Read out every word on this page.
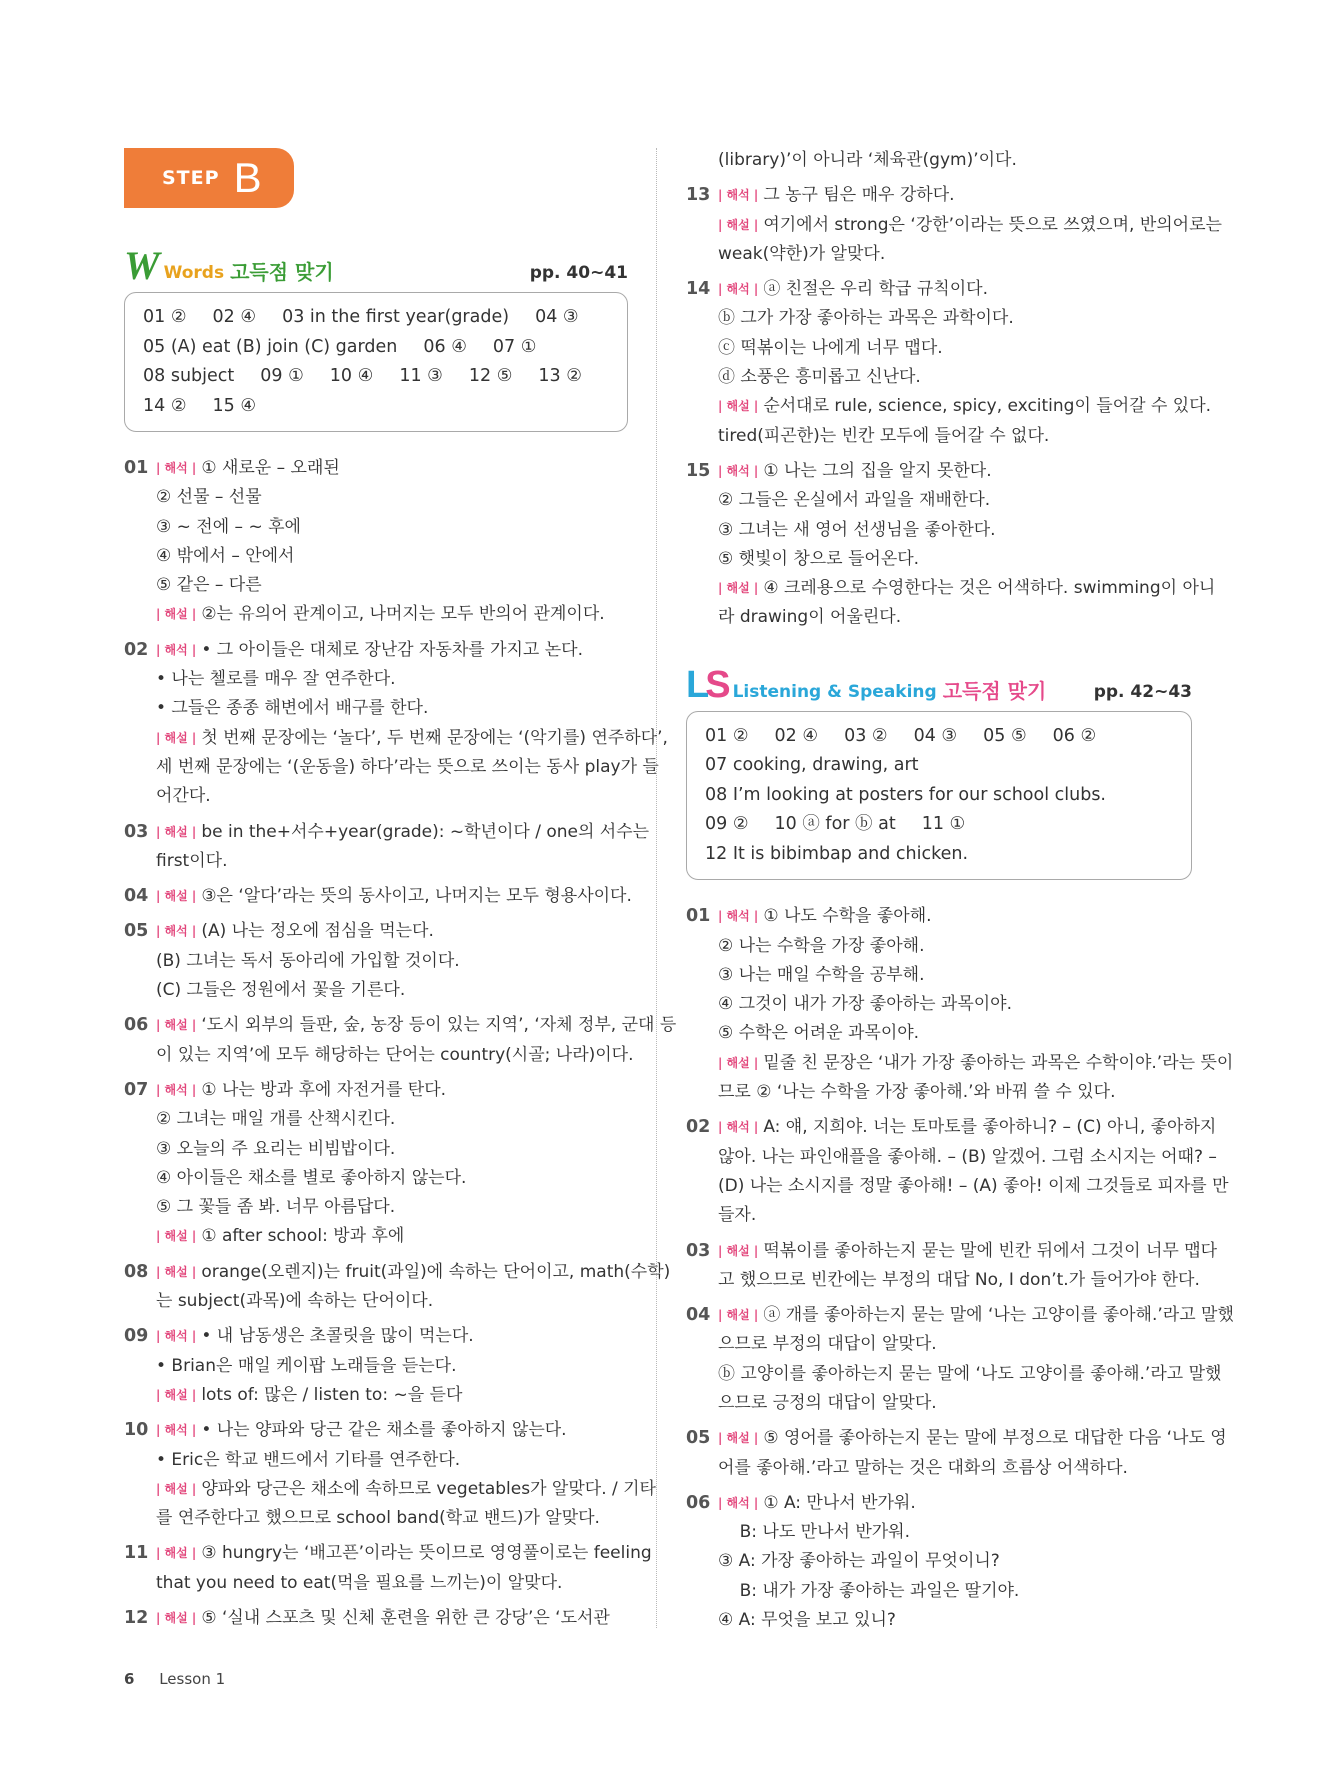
STEP B
W Words 고득점 맞기	pp. 40~41
01 ② 02 ④ 03 in the first year(grade) 04 ③
05 (A) eat (B) join (C) garden 06 ④ 07 ①
08 subject 09 ① 10 ④ 11 ③ 12 ⑤ 13 ②
14 ② 15 ④
01 | 해석 | ① 새로운 – 오래된
② 선물 – 선물
③ ~ 전에 – ~ 후에
④ 밖에서 – 안에서
⑤ 같은 – 다른
| 해설 | ②는 유의어 관계이고, 나머지는 모두 반의어 관계이다.
02 | 해석 | • 그 아이들은 대체로 장난감 자동차를 가지고 논다.
• 나는 첼로를 매우 잘 연주한다.
• 그들은 종종 해변에서 배구를 한다.
| 해설 | 첫 번째 문장에는 ‘놀다’, 두 번째 문장에는 ‘(악기를) 연주하다’,
세 번째 문장에는 ‘(운동을) 하다’라는 뜻으로 쓰이는 동사 play가 들
어간다.
03 | 해설 | be in the+서수+year(grade): ~학년이다 / one의 서수는
first이다.
04 | 해설 | ③은 ‘알다’라는 뜻의 동사이고, 나머지는 모두 형용사이다.
05 | 해석 | (A) 나는 정오에 점심을 먹는다.
(B) 그녀는 독서 동아리에 가입할 것이다.
(C) 그들은 정원에서 꽃을 기른다.
06 | 해설 | ‘도시 외부의 들판, 숲, 농장 등이 있는 지역’, ‘자체 정부, 군대 등
이 있는 지역’에 모두 해당하는 단어는 country(시골; 나라)이다.
07 | 해석 | ① 나는 방과 후에 자전거를 탄다.
② 그녀는 매일 개를 산책시킨다.
③ 오늘의 주 요리는 비빔밥이다.
④ 아이들은 채소를 별로 좋아하지 않는다.
⑤ 그 꽃들 좀 봐. 너무 아름답다.
| 해설 | ① after school: 방과 후에
08 | 해설 | orange(오렌지)는 fruit(과일)에 속하는 단어이고, math(수학)
는 subject(과목)에 속하는 단어이다.
09 | 해석 | • 내 남동생은 초콜릿을 많이 먹는다.
• Brian은 매일 케이팝 노래들을 듣는다.
| 해설 | lots of: 많은 / listen to: ~을 듣다
10 | 해석 | • 나는 양파와 당근 같은 채소를 좋아하지 않는다.
• Eric은 학교 밴드에서 기타를 연주한다.
| 해설 | 양파와 당근은 채소에 속하므로 vegetables가 알맞다. / 기타
를 연주한다고 했으므로 school band(학교 밴드)가 알맞다.
11 | 해설 | ③ hungry는 ‘배고픈’이라는 뜻이므로 영영풀이로는 feeling
that you need to eat(먹을 필요를 느끼는)이 알맞다.
12 | 해설 | ⑤ ‘실내 스포츠 및 신체 훈련을 위한 큰 강당’은 ‘도서관
(library)’이 아니라 ‘체육관(gym)’이다.
13 | 해석 | 그 농구 팀은 매우 강하다.
| 해설 | 여기에서 strong은 ‘강한’이라는 뜻으로 쓰였으며, 반의어로는
weak(약한)가 알맞다.
14 | 해석 | ⓐ 친절은 우리 학급 규칙이다.
ⓑ 그가 가장 좋아하는 과목은 과학이다.
ⓒ 떡볶이는 나에게 너무 맵다.
ⓓ 소풍은 흥미롭고 신난다.
| 해설 | 순서대로 rule, science, spicy, exciting이 들어갈 수 있다.
tired(피곤한)는 빈칸 모두에 들어갈 수 없다.
15 | 해석 | ① 나는 그의 집을 알지 못한다.
② 그들은 온실에서 과일을 재배한다.
③ 그녀는 새 영어 선생님을 좋아한다.
⑤ 햇빛이 창으로 들어온다.
| 해설 | ④ 크레용으로 수영한다는 것은 어색하다. swimming이 아니
라 drawing이 어울린다.
LS Listening & Speaking 고득점 맞기	pp. 42~43
01 ② 02 ④ 03 ② 04 ③ 05 ⑤ 06 ②
07 cooking, drawing, art
08 I’m looking at posters for our school clubs.
09 ② 10 ⓐ for ⓑ at 11 ①
12 It is bibimbap and chicken.
01 | 해석 | ① 나도 수학을 좋아해.
② 나는 수학을 가장 좋아해.
③ 나는 매일 수학을 공부해.
④ 그것이 내가 가장 좋아하는 과목이야.
⑤ 수학은 어려운 과목이야.
| 해설 | 밑줄 친 문장은 ‘내가 가장 좋아하는 과목은 수학이야.’라는 뜻이
므로 ② ‘나는 수학을 가장 좋아해.’와 바꿔 쓸 수 있다.
02 | 해석 | A: 얘, 지희야. 너는 토마토를 좋아하니? – (C) 아니, 좋아하지
않아. 나는 파인애플을 좋아해. – (B) 알겠어. 그럼 소시지는 어때? –
(D) 나는 소시지를 정말 좋아해! – (A) 좋아! 이제 그것들로 피자를 만
들자.
03 | 해설 | 떡볶이를 좋아하는지 묻는 말에 빈칸 뒤에서 그것이 너무 맵다
고 했으므로 빈칸에는 부정의 대답 No, I don’t.가 들어가야 한다.
04 | 해설 | ⓐ 개를 좋아하는지 묻는 말에 ‘나는 고양이를 좋아해.’라고 말했
으므로 부정의 대답이 알맞다.
ⓑ 고양이를 좋아하는지 묻는 말에 ‘나도 고양이를 좋아해.’라고 말했
으므로 긍정의 대답이 알맞다.
05 | 해설 | ⑤ 영어를 좋아하는지 묻는 말에 부정으로 대답한 다음 ‘나도 영
어를 좋아해.’라고 말하는 것은 대화의 흐름상 어색하다.
06 | 해석 | ① A: 만나서 반가워.
B: 나도 만나서 반가워.
③ A: 가장 좋아하는 과일이 무엇이니?
B: 내가 가장 좋아하는 과일은 딸기야.
④ A: 무엇을 보고 있니?
6 Lesson 1
